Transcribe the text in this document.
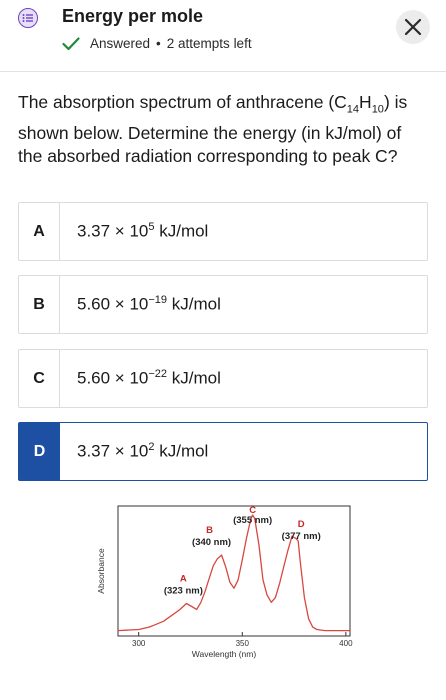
Energy per mole
Answered • 2 attempts left
The absorption spectrum of anthracene $(C_{14}H_{10})$ is shown below. Determine the energy (in kJ/mol) of the absorbed radiation corresponding to peak C?
A	$3.37 \times 10^5$ kJ/mol
B	$5.60 \times 10^{-19}$ kJ/mol
C	$5.60 \times 10^{-22}$ kJ/mol
D	$3.37 \times 10^2$ kJ/mol
300	350	400
Wavelength (nm)
Absorbance	A
(323 nm)
B
(340 nm)
C
(355 nm)	D
(377 nm)
